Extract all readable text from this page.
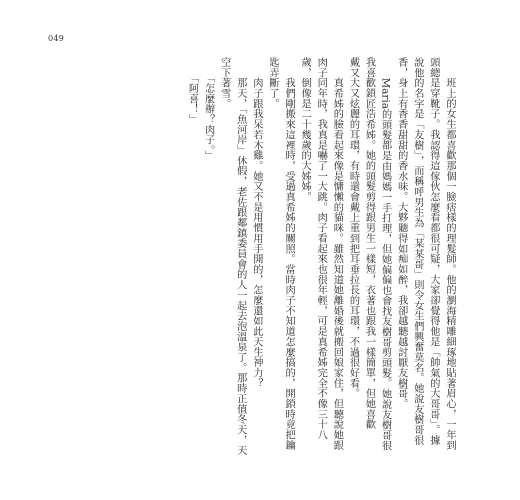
049
　　班上的女生都喜歡那個一臉痞樣的理髮師。他的瀏海精雕細琢地貼著眉心，一年到
頭總是穿靴子。我認得這傢伙怎麼看都很可疑，大家卻覺得他是「帥氣的大哥哥」。據
說他的名字是「友樹」，而稱呼男生為「某某哥」則令女生們興奮莫名。她說友樹哥很
香，身上有香香甜甜的香水味。大夥聽得如痴如醉，我卻越聽越討厭友樹哥。
　　Maria的頭髮都是由媽媽一手打理，但她偏偏也會找友樹哥剪頭髮。她說友樹哥很
我喜歡鎖匠浩希姊。她的頭髮剪得跟男生一樣短，衣著也跟我一樣簡單，但她喜歡
戴又大又炫麗的耳環，有時還會戴上重到把耳垂拉長的耳環，不過很好看。
　　真希姊的臉看起來像是慵懶的貓咪。雖然知道她離婚後就搬回娘家住，但聽說她跟
肉子同年時，我真是嚇了一大跳。肉子看起來也很年輕，可是真希姊完全不像三十八
歲，倒像是二十幾歲的大姊姊。
　　我們剛搬來這裡時，受過真希姊的關照。當時肉子不知道怎麼搞的，開鎖時竟把鑰
匙弄斷了。
　　肉子跟我呆若木雞。她又不是用慣用手開的，怎麼還如此天生神力？
　　那天，「魚河岸」休假，老佐跟鄰鎮委員會的人一起去泡溫泉了。那時正值冬天，天
空下著雪。
　　「怎麼辦？肉子。」
　　「阿喜！」
